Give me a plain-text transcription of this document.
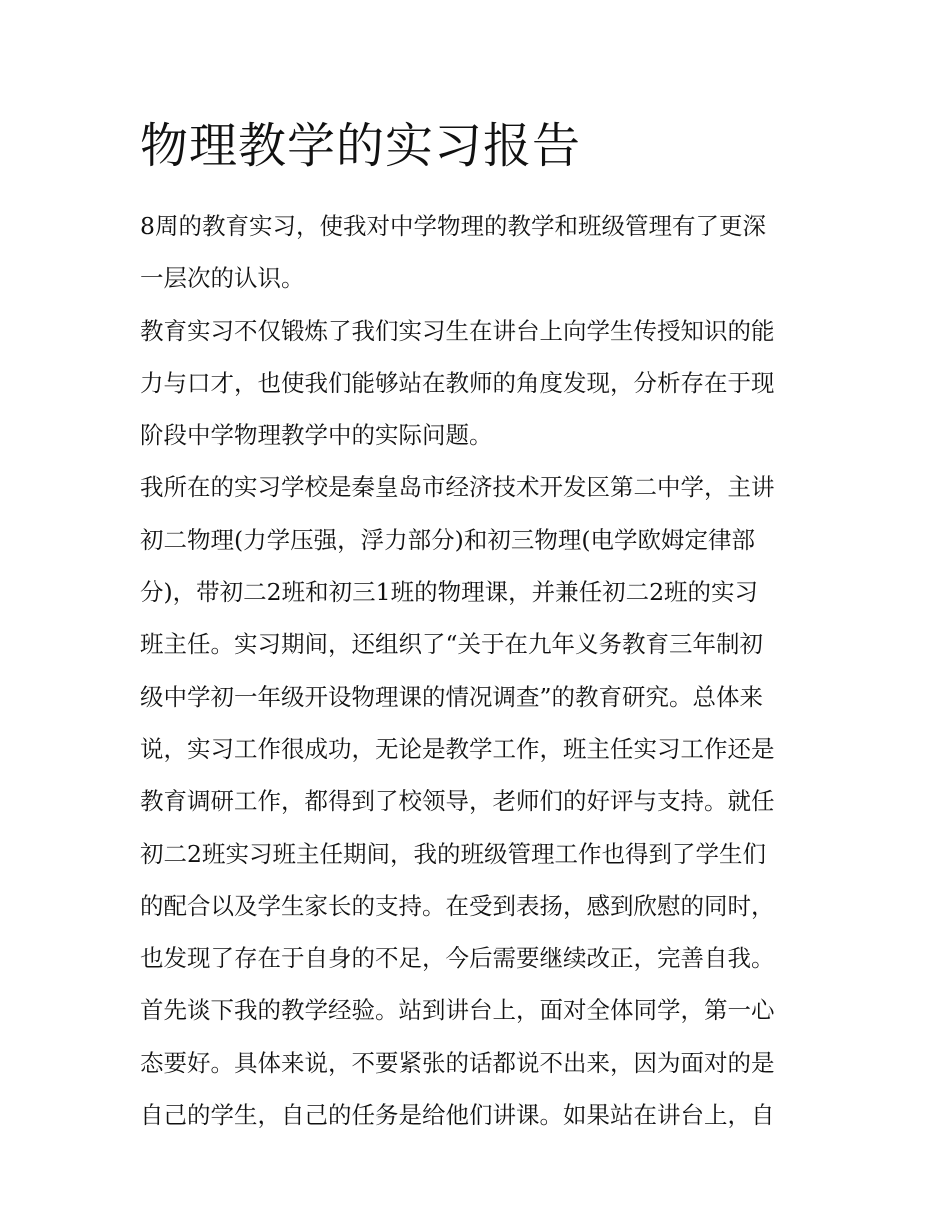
物理教学的实习报告
8周的教育实习，使我对中学物理的教学和班级管理有了更深
一层次的认识。
教育实习不仅锻炼了我们实习生在讲台上向学生传授知识的能
力与口才，也使我们能够站在教师的角度发现，分析存在于现
阶段中学物理教学中的实际问题。
我所在的实习学校是秦皇岛市经济技术开发区第二中学，主讲
初二物理(力学压强，浮力部分)和初三物理(电学欧姆定律部
分)，带初二2班和初三1班的物理课，并兼任初二2班的实习
班主任。实习期间，还组织了“关于在九年义务教育三年制初
级中学初一年级开设物理课的情况调查”的教育研究。总体来
说，实习工作很成功，无论是教学工作，班主任实习工作还是
教育调研工作，都得到了校领导，老师们的好评与支持。就任
初二2班实习班主任期间，我的班级管理工作也得到了学生们
的配合以及学生家长的支持。在受到表扬，感到欣慰的同时，
也发现了存在于自身的不足，今后需要继续改正，完善自我。
首先谈下我的教学经验。站到讲台上，面对全体同学，第一心
态要好。具体来说，不要紧张的话都说不出来，因为面对的是
自己的学生，自己的任务是给他们讲课。如果站在讲台上，自
